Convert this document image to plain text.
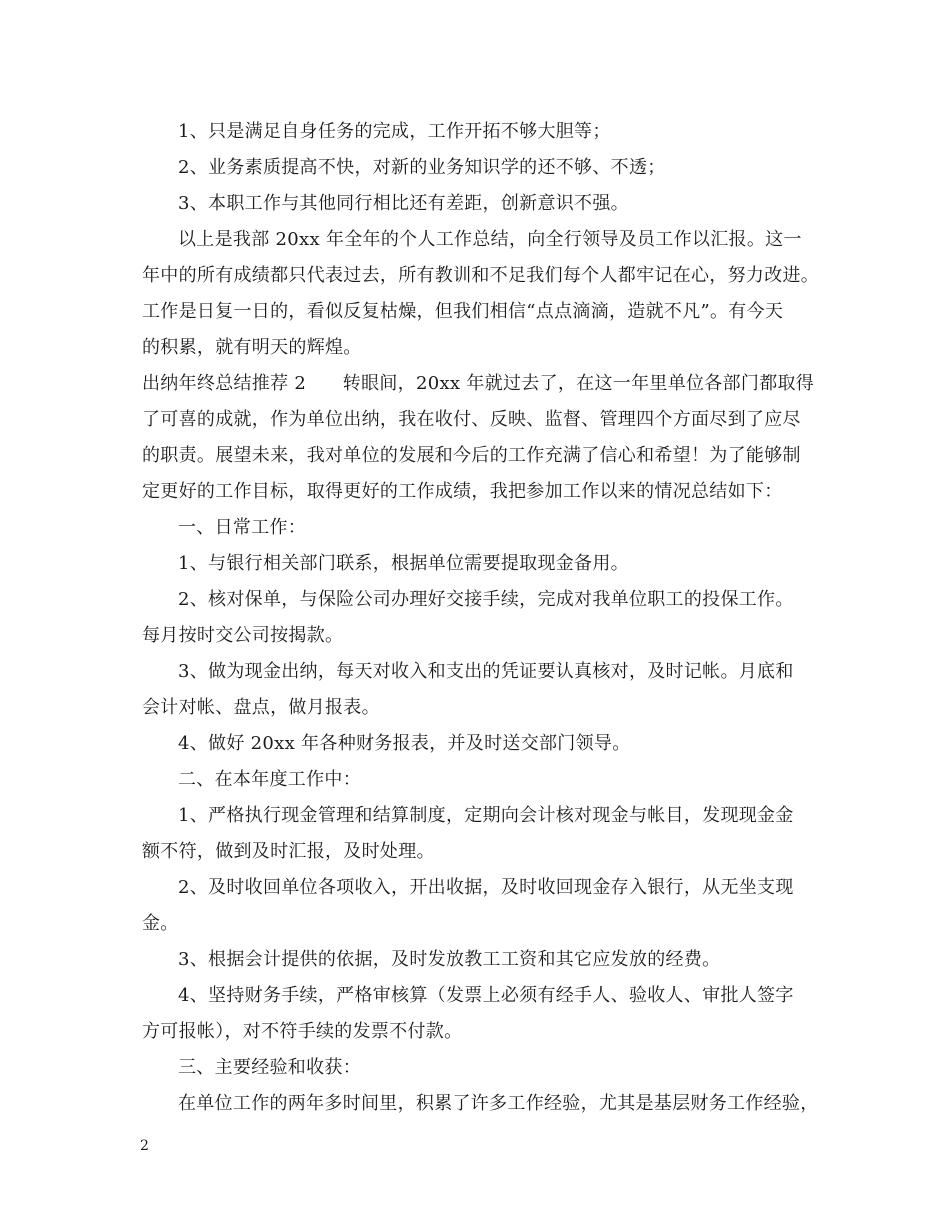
1、只是满足自身任务的完成，工作开拓不够大胆等；
2、业务素质提高不快，对新的业务知识学的还不够、不透；
3、本职工作与其他同行相比还有差距，创新意识不强。
以上是我部 20xx 年全年的个人工作总结，向全行领导及员工作以汇报。这一
年中的所有成绩都只代表过去，所有教训和不足我们每个人都牢记在心，努力改进。
工作是日复一日的，看似反复枯燥，但我们相信“点点滴滴，造就不凡”。有今天
的积累，就有明天的辉煌。
出纳年终总结推荐 2　　转眼间，20xx 年就过去了，在这一年里单位各部门都取得
了可喜的成就，作为单位出纳，我在收付、反映、监督、管理四个方面尽到了应尽
的职责。展望未来，我对单位的发展和今后的工作充满了信心和希望！为了能够制
定更好的工作目标，取得更好的工作成绩，我把参加工作以来的情况总结如下：
一、日常工作：
1、与银行相关部门联系，根据单位需要提取现金备用。
2、核对保单，与保险公司办理好交接手续，完成对我单位职工的投保工作。
每月按时交公司按揭款。
3、做为现金出纳，每天对收入和支出的凭证要认真核对，及时记帐。月底和
会计对帐、盘点，做月报表。
4、做好 20xx 年各种财务报表，并及时送交部门领导。
二、在本年度工作中：
1、严格执行现金管理和结算制度，定期向会计核对现金与帐目，发现现金金
额不符，做到及时汇报，及时处理。
2、及时收回单位各项收入，开出收据，及时收回现金存入银行，从无坐支现
金。
3、根据会计提供的依据，及时发放教工工资和其它应发放的经费。
4、坚持财务手续，严格审核算（发票上必须有经手人、验收人、审批人签字
方可报帐），对不符手续的发票不付款。
三、主要经验和收获：
在单位工作的两年多时间里，积累了许多工作经验，尤其是基层财务工作经验，
2
